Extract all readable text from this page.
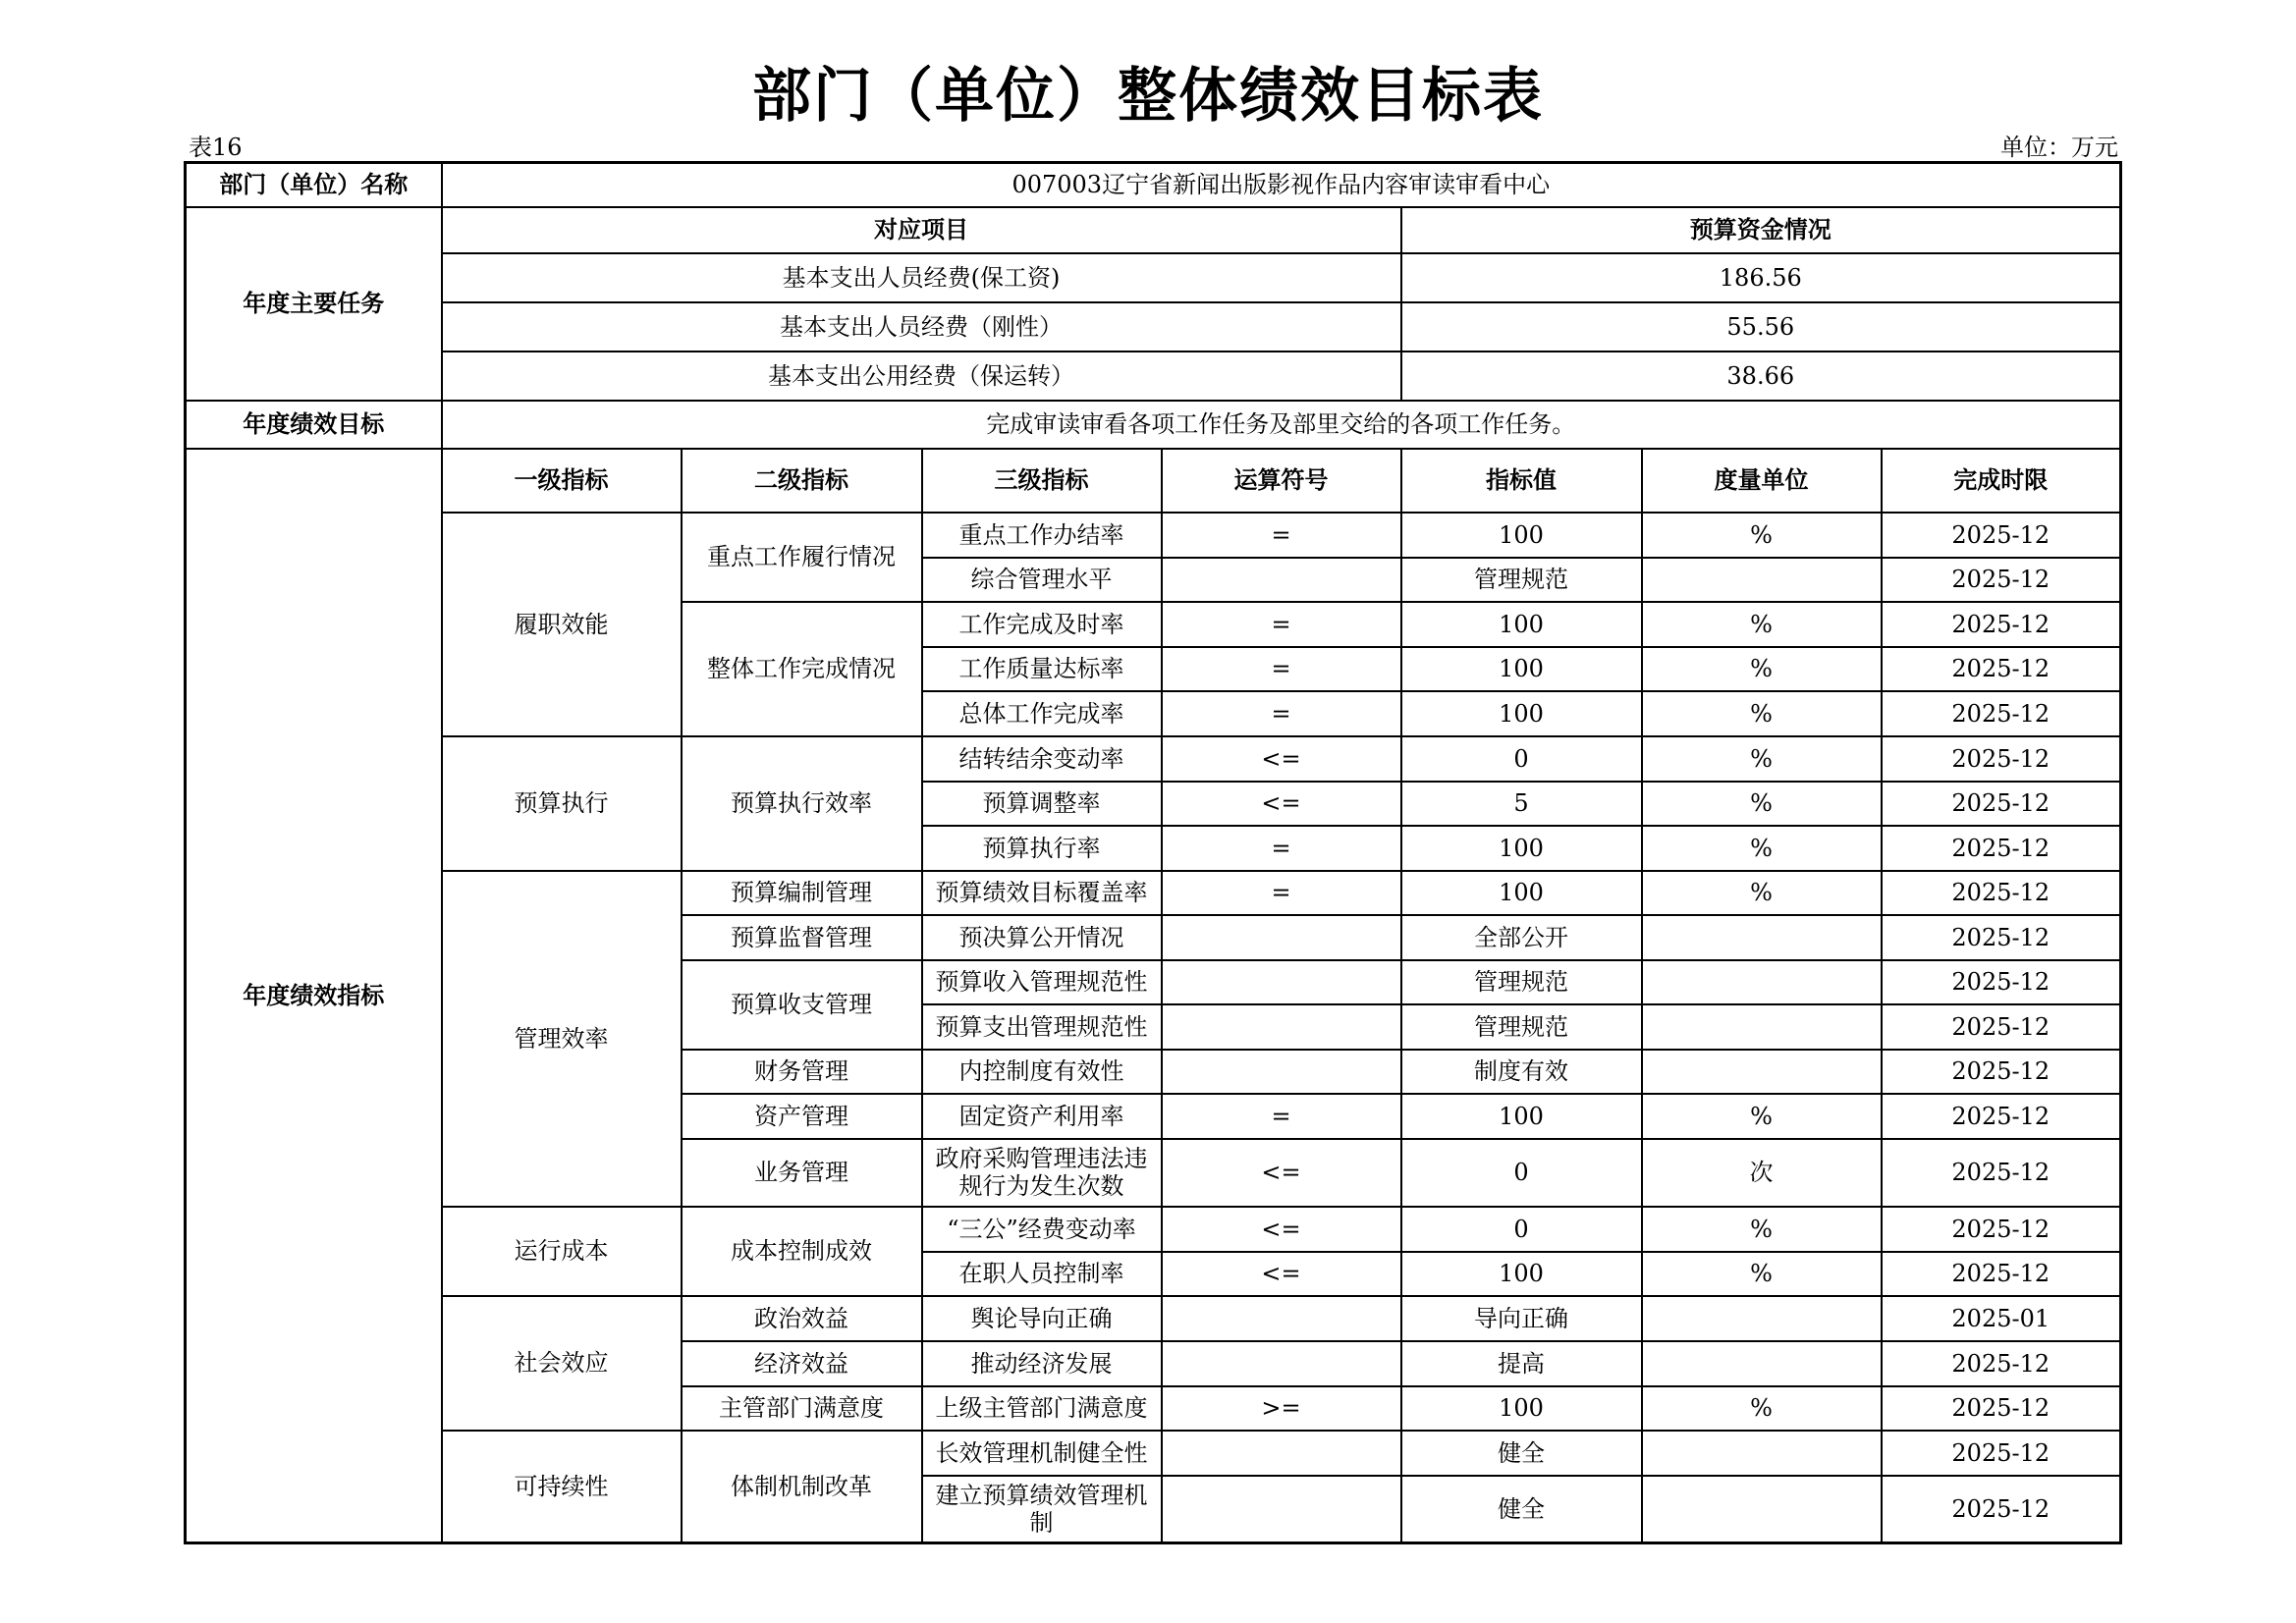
部门（单位）整体绩效目标表
表16	单位：万元
部门（单位）名称	007003辽宁省新闻出版影视作品内容审读审看中心						
年度主要任务	对应项目				预算资金情况		
	基本支出人员经费(保工资)				186.56		
	基本支出人员经费（刚性）				55.56		
	基本支出公用经费（保运转）				38.66		
年度绩效目标	完成审读审看各项工作任务及部里交给的各项工作任务。						
年度绩效指标	一级指标	二级指标	三级指标	运算符号	指标值	度量单位	完成时限
	履职效能	重点工作履行情况	重点工作办结率	=	100	%	2025-12
			综合管理水平		管理规范		2025-12
		整体工作完成情况	工作完成及时率	=	100	%	2025-12
			工作质量达标率	=	100	%	2025-12
			总体工作完成率	=	100	%	2025-12
	预算执行	预算执行效率	结转结余变动率	<=	0	%	2025-12
			预算调整率	<=	5	%	2025-12
			预算执行率	=	100	%	2025-12
	管理效率	预算编制管理	预算绩效目标覆盖率	=	100	%	2025-12
		预算监督管理	预决算公开情况		全部公开		2025-12
		预算收支管理	预算收入管理规范性		管理规范		2025-12
			预算支出管理规范性		管理规范		2025-12
		财务管理	内控制度有效性		制度有效		2025-12
		资产管理	固定资产利用率	=	100	%	2025-12
		业务管理	政府采购管理违法违规行为发生次数	<=	0	次	2025-12
	运行成本	成本控制成效	“三公”经费变动率	<=	0	%	2025-12
			在职人员控制率	<=	100	%	2025-12
	社会效应	政治效益	舆论导向正确		导向正确		2025-01
		经济效益	推动经济发展		提高		2025-12
		主管部门满意度	上级主管部门满意度	>=	100	%	2025-12
	可持续性	体制机制改革	长效管理机制健全性		健全		2025-12
			建立预算绩效管理机制		健全		2025-12
